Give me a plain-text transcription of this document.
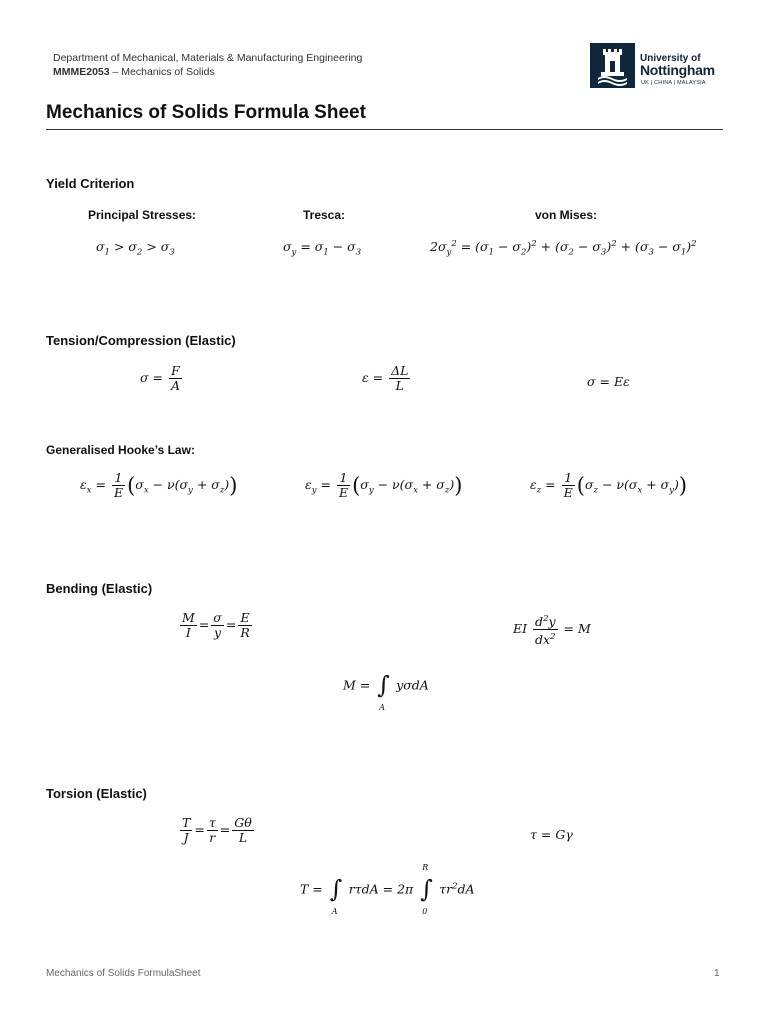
Department of Mechanical, Materials & Manufacturing Engineering
MMME2053 – Mechanics of Solids
University of
Nottingham
UK | CHINA | MALAYSIA
Mechanics of Solids Formula Sheet
Yield Criterion
Principal Stresses:	Tresca:	von Mises:
$\sigma_1 > \sigma_2 > \sigma_3$	$\sigma_y = \sigma_1 - \sigma_3$	$2\sigma_y^2 = (\sigma_1 - \sigma_2)^2 + (\sigma_2 - \sigma_3)^2 + (\sigma_3 - \sigma_1)^2$
Tension/Compression (Elastic)
$\sigma = \frac{F}{A}$	$\varepsilon = \frac{\Delta L}{L}$	σ = Eε
Generalised Hooke’s Law:
$\varepsilon_x = \frac{1}{E} (\sigma_x - \nu(\sigma_y + \sigma_z))$	$\varepsilon_y = \frac{1}{E} (\sigma_y - \nu(\sigma_x + \sigma_z))$	$\varepsilon_z = \frac{1}{E} (\sigma_z - \nu(\sigma_x + \sigma_y))$
Bending (Elastic)
$\frac{M}{I} = \frac{\sigma}{y} = \frac{E}{R}$	EI $\frac{d^2y}{dx^2} = M$
M = ∫
A
yσdA
Torsion (Elastic)
$\frac{T}{J} = \frac{\tau}{r} = \frac{G\theta}{L}$	τ = Gγ
T = ∫
A
rτdA = 2π
R
∫
0
$\tau r^2dA$
Mechanics of Solids FormulaSheet	1
